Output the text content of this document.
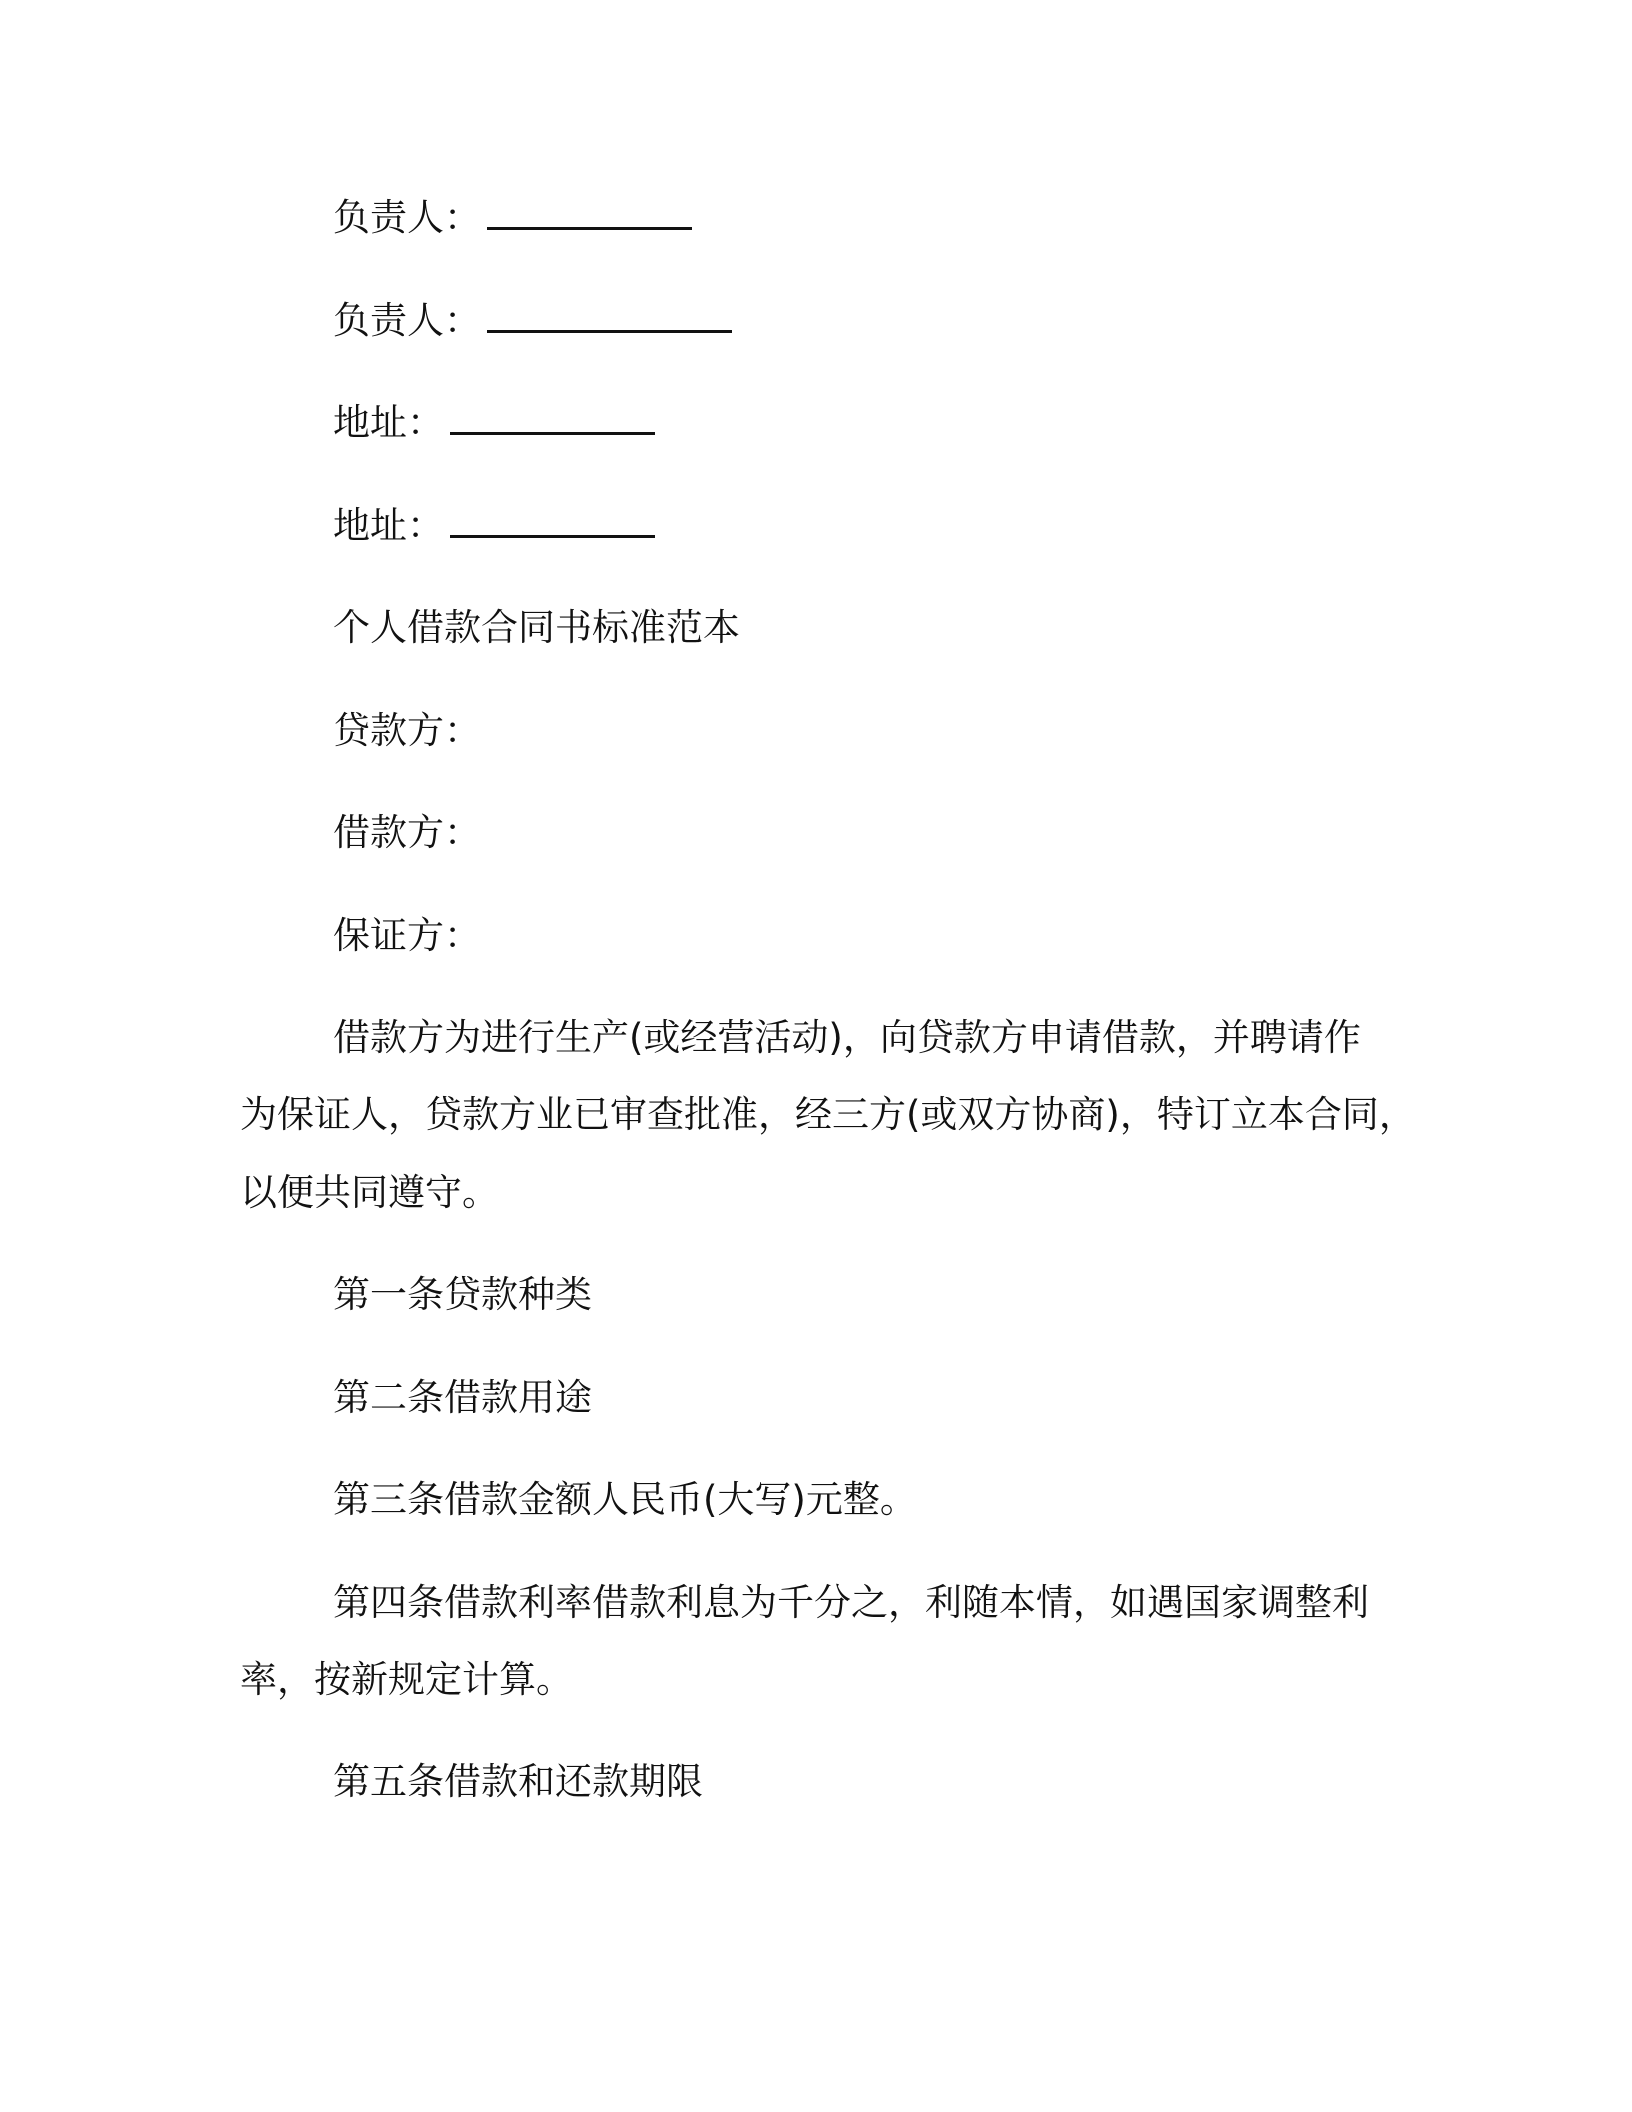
负责人：
负责人：
地址：
地址：
个人借款合同书标准范本
贷款方：
借款方：
保证方：
借款方为进行生产(或经营活动)，向贷款方申请借款，并聘请作
为保证人，贷款方业已审查批准，经三方(或双方协商)，特订立本合同，
以便共同遵守。
第一条贷款种类
第二条借款用途
第三条借款金额人民币(大写)元整。
第四条借款利率借款利息为千分之，利随本情，如遇国家调整利
率，按新规定计算。
第五条借款和还款期限
